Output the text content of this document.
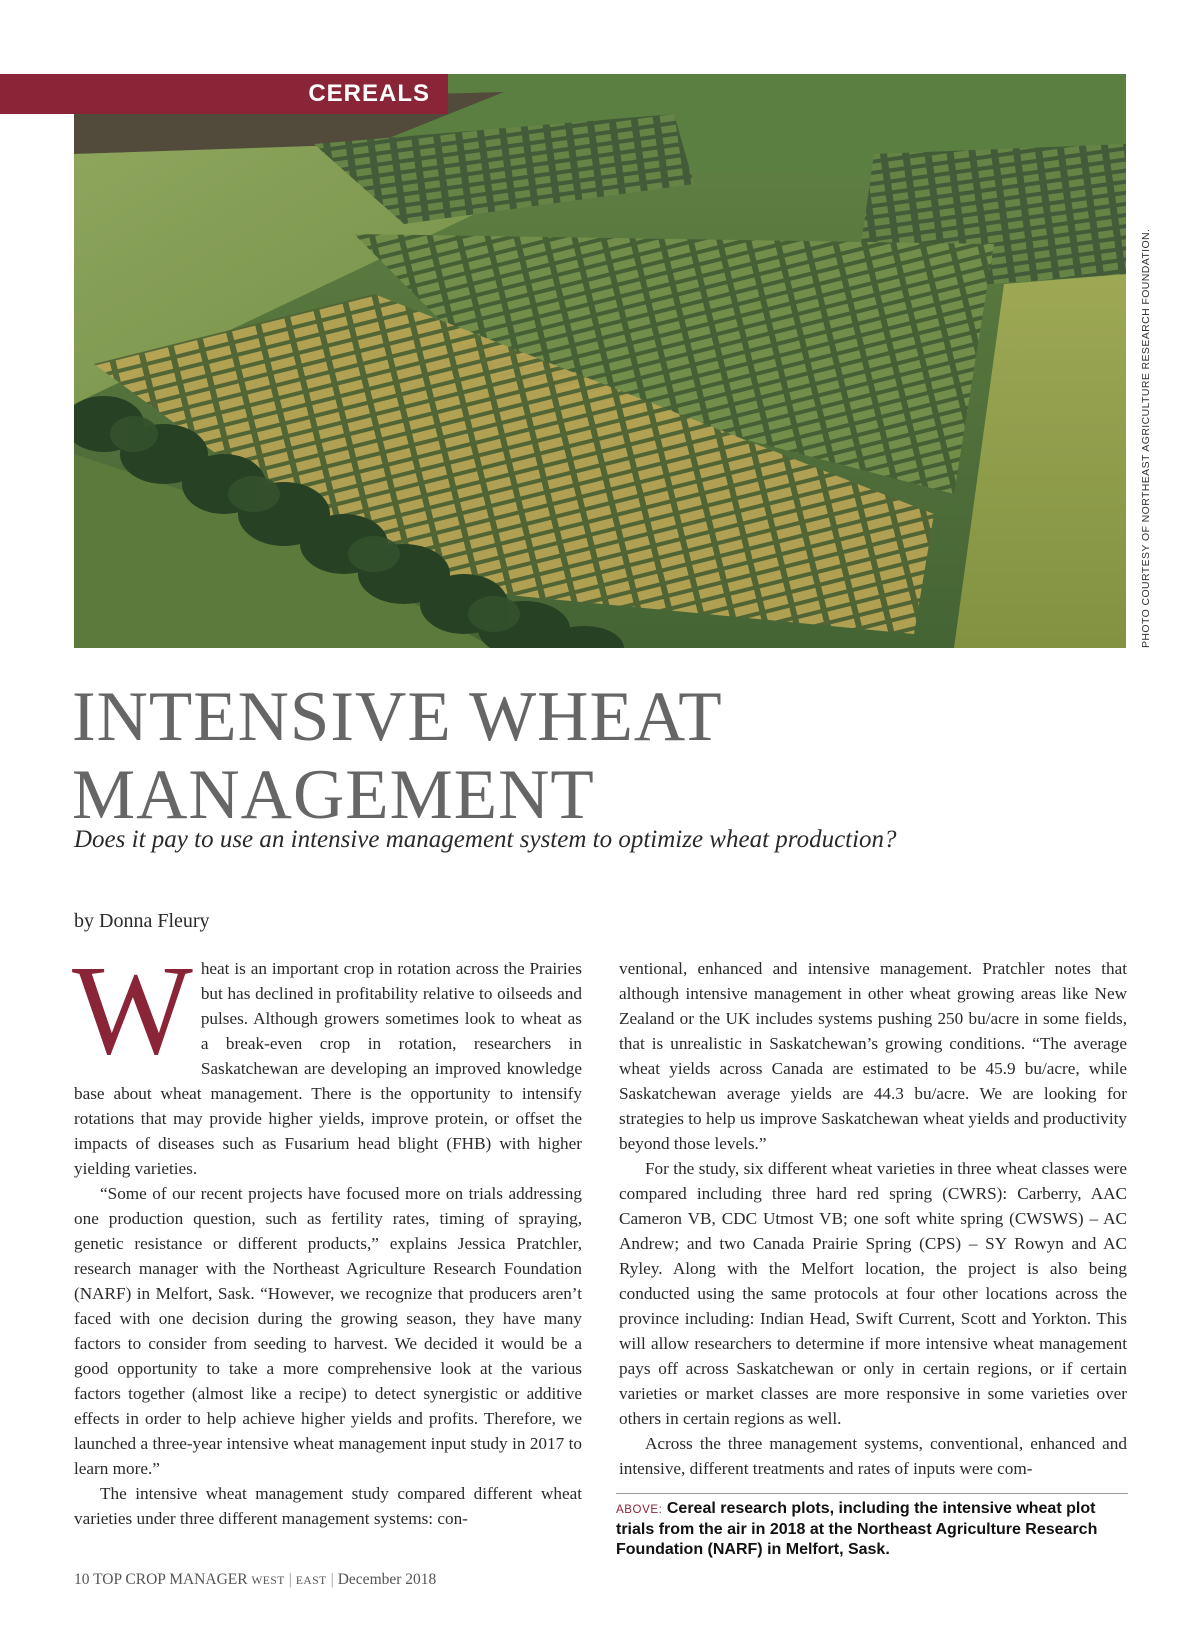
CEREALS
PHOTO COURTESY OF NORTHEAST AGRICULTURE RESEARCH FOUNDATION.
INTENSIVE WHEAT
MANAGEMENT
Does it pay to use an intensive management system to optimize wheat production?
by Donna Fleury

Wheat is an important crop in rotation across the Prairies but has declined in profitability relative to oilseeds and pulses. Although growers sometimes look to wheat as a break-even crop in rotation, researchers in Saskatchewan are developing an improved knowledge base about wheat management. There is the opportunity to intensify rotations that may provide higher yields, improve protein, or offset the impacts of diseases such as Fusarium head blight (FHB) with higher yielding varieties.

“Some of our recent projects have focused more on trials addressing one production question, such as fertility rates, timing of spraying, genetic resistance or different products,” explains Jessica Pratchler, research manager with the Northeast Agriculture Research Foundation (NARF) in Melfort, Sask. “However, we recognize that producers aren’t faced with one decision during the growing season, they have many factors to consider from seeding to harvest. We decided it would be a good opportunity to take a more comprehensive look at the various factors together (almost like a recipe) to detect synergistic or additive effects in order to help achieve higher yields and profits. Therefore, we launched a three-year intensive wheat management input study in 2017 to learn more.”

The intensive wheat management study compared different wheat varieties under three different management systems: con-

ventional, enhanced and intensive management. Pratchler notes that although intensive management in other wheat growing areas like New Zealand or the UK includes systems pushing 250 bu/acre in some fields, that is unrealistic in Saskatchewan’s growing conditions. “The average wheat yields across Canada are estimated to be 45.9 bu/acre, while Saskatchewan average yields are 44.3 bu/acre. We are looking for strategies to help us improve Saskatchewan wheat yields and productivity beyond those levels.”

For the study, six different wheat varieties in three wheat classes were compared including three hard red spring (CWRS): Carberry, AAC Cameron VB, CDC Utmost VB; one soft white spring (CWSWS) – AC Andrew; and two Canada Prairie Spring (CPS) – SY Rowyn and AC Ryley. Along with the Melfort location, the project is also being conducted using the same protocols at four other locations across the province including: Indian Head, Swift Current, Scott and Yorkton. This will allow researchers to determine if more intensive wheat management pays off across Saskatchewan or only in certain regions, or if certain varieties or market classes are more responsive in some varieties over others in certain regions as well.

Across the three management systems, conventional, enhanced and intensive, different treatments and rates of inputs were com-

ABOVE: Cereal research plots, including the intensive wheat plot trials from the air in 2018 at the Northeast Agriculture Research Foundation (NARF) in Melfort, Sask.
10 TOP CROP MANAGER WEST | EAST | December 2018
